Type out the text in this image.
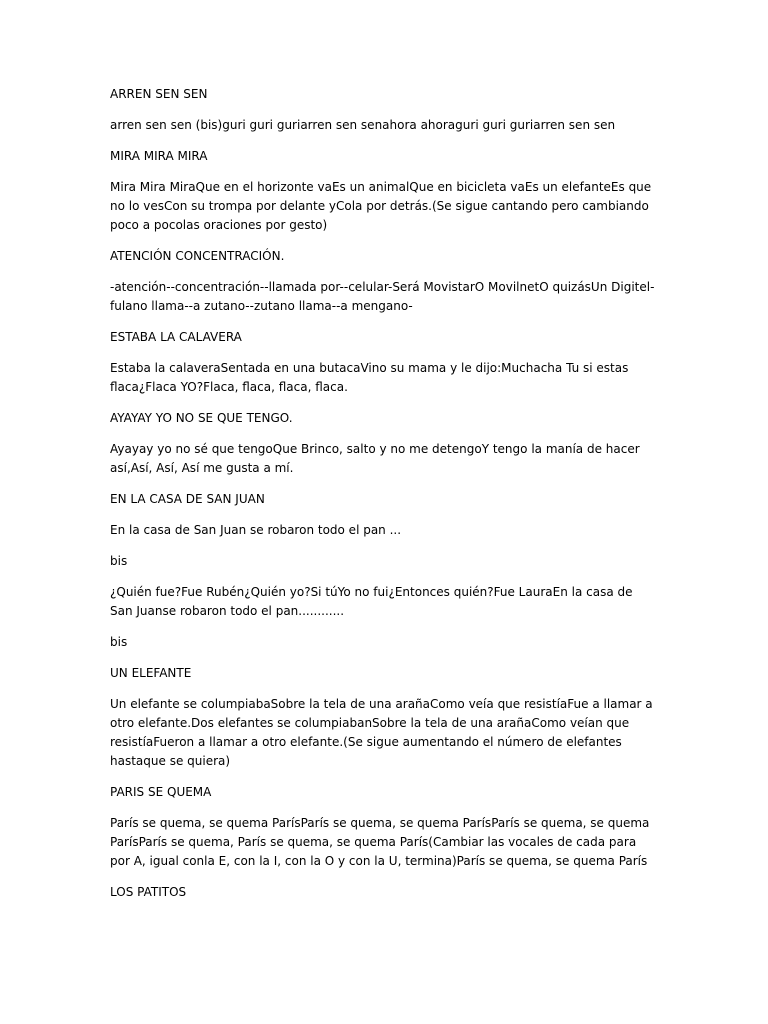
ARREN SEN SEN
arren sen sen (bis)guri guri guriarren sen senahora ahoraguri guri guriarren sen sen
MIRA MIRA MIRA
Mira Mira MiraQue en el horizonte vaEs un animalQue en bicicleta vaEs un elefanteEs que no lo vesCon su trompa por delante yCola por detrás.(Se sigue cantando pero cambiando poco a pocolas oraciones por gesto)
ATENCIÓN CONCENTRACIÓN.
-atención--concentración--llamada por--celular-Será MovistarO MovilnetO quizásUn Digitel-fulano llama--a zutano--zutano llama--a mengano-
ESTABA LA CALAVERA
Estaba la calaveraSentada en una butacaVino su mama y le dijo:Muchacha Tu si estas flaca¿Flaca YO?Flaca, flaca, flaca, flaca.
AYAYAY YO NO SE QUE TENGO.
Ayayay yo no sé que tengoQue Brinco, salto y no me detengoY tengo la manía de hacer así,Así, Así, Así me gusta a mí.
EN LA CASA DE SAN JUAN
En la casa de San Juan se robaron todo el pan ...
bis
¿Quién fue?Fue Rubén¿Quién yo?Si túYo no fui¿Entonces quién?Fue LauraEn la casa de San Juanse robaron todo el pan............
bis
UN ELEFANTE
Un elefante se columpiabaSobre la tela de una arañaComo veía que resistíaFue a llamar a otro elefante.Dos elefantes se columpiabanSobre la tela de una arañaComo veían que resistíaFueron a llamar a otro elefante.(Se sigue aumentando el número de elefantes hastaque se quiera)
PARIS SE QUEMA
París se quema, se quema ParísParís se quema, se quema ParísParís se quema, se quema ParísParís se quema, París se quema, se quema París(Cambiar las vocales de cada para por A, igual conla E, con la I, con la O y con la U, termina)París se quema, se quema París
LOS PATITOS
